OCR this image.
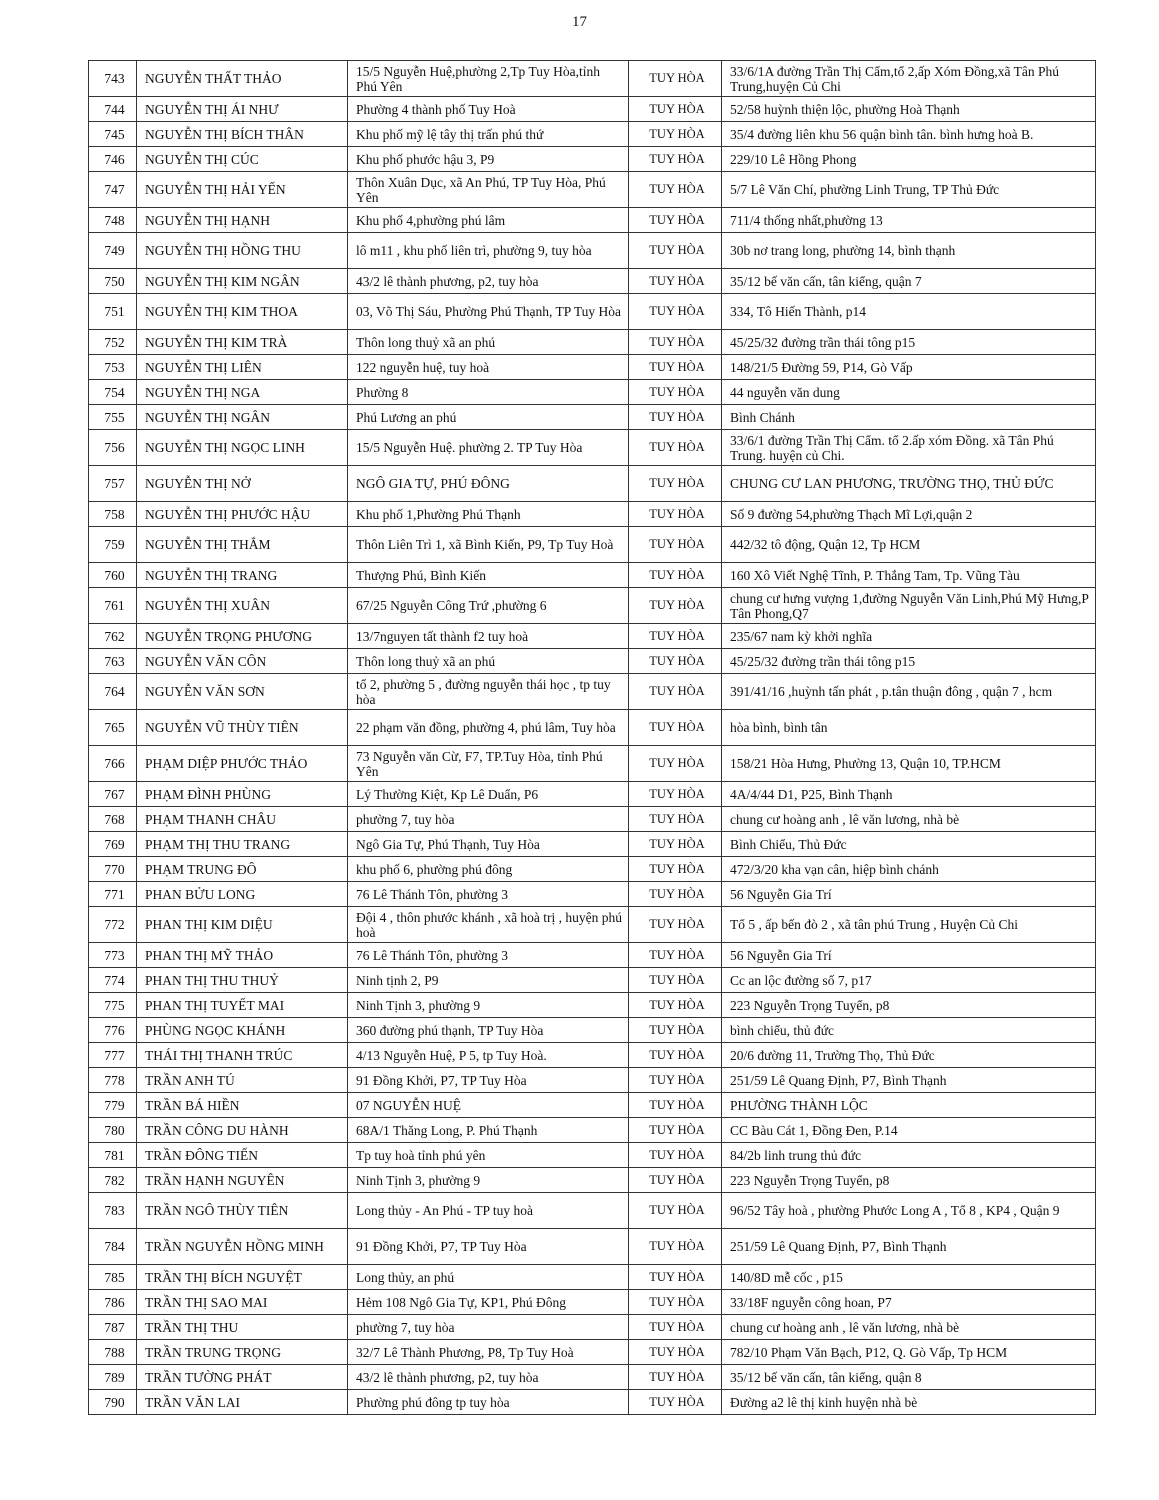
17
743	NGUYỄN THẤT THẢO	15/5 Nguyễn Huệ,phường 2,Tp Tuy Hòa,tỉnh Phú Yên	TUY HÒA	33/6/1A đường Trần Thị Cẩm,tổ 2,ấp Xóm Đồng,xã Tân Phú Trung,huyện Củ Chi
744	NGUYỄN THỊ ÁI NHƯ	Phường 4 thành phố Tuy Hoà	TUY HÒA	52/58 huỳnh thiện lộc, phường Hoà Thạnh
745	NGUYỄN THỊ BÍCH THÂN	Khu phố mỹ lệ tây thị trấn phú thứ	TUY HÒA	35/4 đường liên khu 56 quận bình tân. bình hưng hoà B.
746	NGUYỄN THỊ CÚC	Khu phố phước hậu 3, P9	TUY HÒA	229/10 Lê Hồng Phong
747	NGUYỄN THỊ HẢI YẾN	Thôn Xuân Dục, xã An Phú, TP Tuy Hòa, Phú Yên	TUY HÒA	5/7 Lê Văn Chí, phường Linh Trung, TP Thủ Đức
748	NGUYỄN THỊ HẠNH	Khu phố 4,phường phú lâm	TUY HÒA	711/4 thống nhất,phường 13
749	NGUYỄN THỊ HỒNG THU	lô m11 , khu phố liên trì, phường 9, tuy hòa	TUY HÒA	30b nơ trang long, phường 14, bình thạnh
750	NGUYỄN THỊ KIM NGÂN	43/2 lê thành phương, p2, tuy hòa	TUY HÒA	35/12 bế văn cấn, tân kiểng, quận 7
751	NGUYỄN THỊ KIM THOA	03, Võ Thị Sáu, Phường Phú Thạnh, TP Tuy Hòa	TUY HÒA	334, Tô Hiến Thành, p14
752	NGUYỄN THỊ KIM TRÀ	Thôn long thuỷ xã an phú	TUY HÒA	45/25/32 đường trần thái tông p15
753	NGUYỄN THỊ LIÊN	122 nguyễn huệ, tuy hoà	TUY HÒA	148/21/5 Đường 59, P14, Gò Vấp
754	NGUYỄN THỊ NGA	Phường 8	TUY HÒA	44 nguyễn văn dung
755	NGUYỄN THỊ NGÂN	Phú Lương an phú	TUY HÒA	Bình Chánh
756	NGUYỄN THỊ NGỌC LINH	15/5 Nguyễn Huệ. phường 2. TP Tuy Hòa	TUY HÒA	33/6/1 đường Trần Thị Cẩm. tổ 2.ấp xóm Đồng. xã Tân Phú Trung. huyện củ Chi.
757	NGUYỄN THỊ NỞ	NGÔ GIA TỰ, PHÚ ĐÔNG	TUY HÒA	CHUNG CƯ LAN PHƯƠNG, TRƯỜNG THỌ, THỦ ĐỨC
758	NGUYỄN THỊ PHƯỚC HẬU	Khu phố 1,Phường Phú Thạnh	TUY HÒA	Số 9 đường 54,phường Thạch Mĩ Lợi,quận 2
759	NGUYỄN THỊ THẮM	Thôn Liên Trì 1, xã Bình Kiến, P9, Tp Tuy Hoà	TUY HÒA	442/32 tô động, Quận 12, Tp HCM
760	NGUYỄN THỊ TRANG	Thượng Phú, Bình Kiến	TUY HÒA	160 Xô Viết Nghệ Tĩnh, P. Thắng Tam, Tp. Vũng Tàu
761	NGUYỄN THỊ XUÂN	67/25 Nguyễn Công Trứ ,phường 6	TUY HÒA	chung cư hưng vượng 1,đường Nguyễn Văn Linh,Phú Mỹ Hưng,P Tân Phong,Q7
762	NGUYỄN TRỌNG PHƯƠNG	13/7nguyen tất thành f2 tuy hoà	TUY HÒA	235/67 nam kỳ khởi nghĩa
763	NGUYỄN VĂN CÔN	Thôn long thuỷ xã an phú	TUY HÒA	45/25/32 đường trần thái tông p15
764	NGUYỄN VĂN SƠN	tổ 2, phường 5 , đường nguyễn thái học , tp tuy hòa	TUY HÒA	391/41/16 ,huỳnh tấn phát , p.tân thuận đông , quận 7 , hcm
765	NGUYỄN VŨ THÙY TIÊN	22 phạm văn đồng, phường 4, phú lâm, Tuy hòa	TUY HÒA	hòa bình, bình tân
766	PHẠM DIỆP PHƯỚC THẢO	73 Nguyễn văn Cừ, F7, TP.Tuy Hòa, tỉnh Phú Yên	TUY HÒA	158/21 Hòa Hưng, Phường 13, Quận 10, TP.HCM
767	PHẠM ĐÌNH PHÙNG	Lý Thường Kiệt, Kp Lê Duẩn, P6	TUY HÒA	4A/4/44 D1, P25, Bình Thạnh
768	PHẠM THANH CHÂU	phường 7, tuy hòa	TUY HÒA	chung cư hoàng anh , lê văn lương, nhà bè
769	PHẠM THỊ THU TRANG	Ngô Gia Tự, Phú Thạnh, Tuy Hòa	TUY HÒA	Bình Chiểu, Thủ Đức
770	PHẠM TRUNG ĐÔ	khu phố 6, phường phú đông	TUY HÒA	472/3/20 kha vạn cân, hiệp bình chánh
771	PHAN BỬU LONG	76 Lê Thánh Tôn, phường 3	TUY HÒA	56 Nguyễn Gia Trí
772	PHAN THỊ KIM DIỆU	Đội 4 , thôn phước khánh , xã hoà trị , huyện phú hoà	TUY HÒA	Tổ 5 , ấp bến đò 2 , xã tân phú Trung , Huyện Củ Chi
773	PHAN THỊ MỸ THẢO	76 Lê Thánh Tôn, phường 3	TUY HÒA	56 Nguyễn Gia Trí
774	PHAN THỊ THU THUỶ	Ninh tịnh 2, P9	TUY HÒA	Cc an lộc đường số 7, p17
775	PHAN THỊ TUYẾT MAI	Ninh Tịnh 3, phường 9	TUY HÒA	223 Nguyễn Trọng Tuyển, p8
776	PHÙNG NGỌC KHÁNH	360 đường phú thạnh, TP Tuy Hòa	TUY HÒA	bình chiểu, thủ đức
777	THÁI THỊ THANH TRÚC	4/13 Nguyễn Huệ, P 5, tp Tuy Hoà.	TUY HÒA	20/6 đường 11, Trường Thọ, Thủ Đức
778	TRẦN ANH TÚ	91 Đồng Khởi, P7, TP Tuy Hòa	TUY HÒA	251/59 Lê Quang Định, P7, Bình Thạnh
779	TRẦN BÁ HIỀN	07 NGUYỄN HUỆ	TUY HÒA	PHƯỜNG THÀNH LỘC
780	TRẦN CÔNG DU HÀNH	68A/1 Thăng Long, P. Phú Thạnh	TUY HÒA	CC Bàu Cát 1, Đồng Đen, P.14
781	TRẦN ĐÔNG TIẾN	Tp tuy hoà tỉnh phú yên	TUY HÒA	84/2b linh trung thủ đức
782	TRẦN HẠNH NGUYÊN	Ninh Tịnh 3, phường 9	TUY HÒA	223 Nguyễn Trọng Tuyển, p8
783	TRẦN NGÔ THÙY TIÊN	Long thủy - An Phú - TP tuy hoà	TUY HÒA	96/52 Tây hoà , phường Phước Long A , Tổ 8 , KP4 , Quận 9
784	TRẦN NGUYỄN HỒNG MINH	91 Đồng Khởi, P7, TP Tuy Hòa	TUY HÒA	251/59 Lê Quang Định, P7, Bình Thạnh
785	TRẦN THỊ BÍCH NGUYỆT	Long thủy, an phú	TUY HÒA	140/8D mễ cốc , p15
786	TRẦN THỊ SAO MAI	Hẻm 108 Ngô Gia Tự, KP1, Phú Đông	TUY HÒA	33/18F nguyễn công hoan, P7
787	TRẦN THỊ THU	phường 7, tuy hòa	TUY HÒA	chung cư hoàng anh , lê văn lương, nhà bè
788	TRẦN TRUNG TRỌNG	32/7 Lê Thành Phương, P8, Tp Tuy Hoà	TUY HÒA	782/10 Phạm Văn Bạch, P12, Q. Gò Vấp, Tp HCM
789	TRẦN TƯỜNG PHÁT	43/2 lê thành phương, p2, tuy hòa	TUY HÒA	35/12 bế văn cấn, tân kiểng, quận 8
790	TRẦN VĂN LAI	Phường phú đông tp tuy hòa	TUY HÒA	Đường a2 lê thị kinh huyện nhà bè
